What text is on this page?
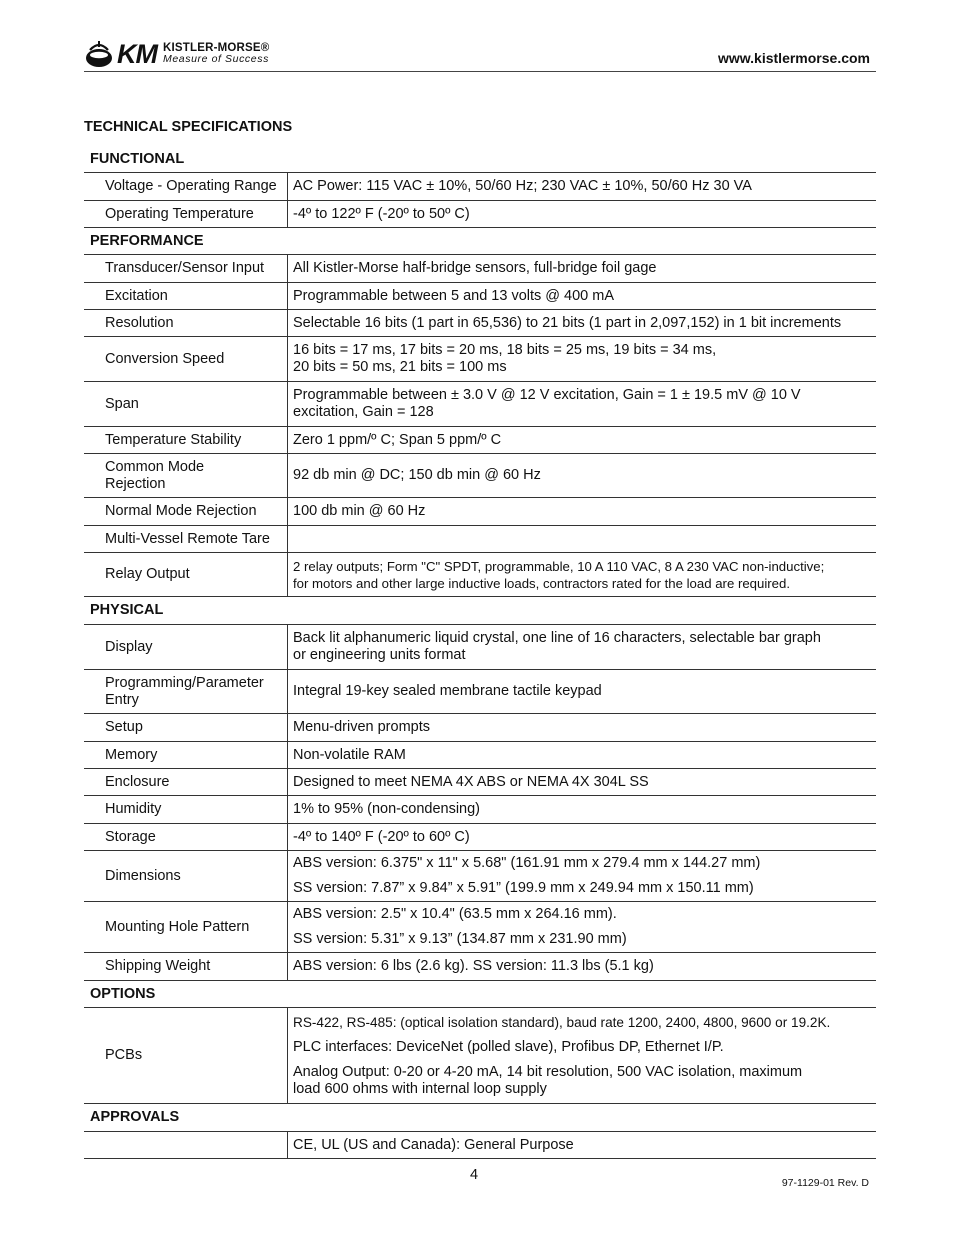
KM KISTLER-MORSE®
Measure of Success	www.kistlermorse.com
TECHNICAL SPECIFICATIONS
FUNCTIONAL	
Voltage - Operating Range	AC Power: 115 VAC ± 10%, 50/60 Hz; 230 VAC ± 10%, 50/60 Hz 30 VA
Operating Temperature	-4º to 122º F (-20º to 50º C)
PERFORMANCE	
Transducer/Sensor Input	All Kistler-Morse half-bridge sensors, full-bridge foil gage
Excitation	Programmable between 5 and 13 volts @ 400 mA
Resolution	Selectable 16 bits (1 part in 65,536) to 21 bits (1 part in 2,097,152) in 1 bit increments
Conversion Speed	16 bits = 17 ms, 17 bits = 20 ms, 18 bits = 25 ms, 19 bits = 34 ms,
20 bits = 50 ms, 21 bits = 100 ms

Span	Programmable between ± 3.0 V @ 12 V excitation, Gain = 1 ± 19.5 mV @ 10 V
excitation, Gain = 128

Temperature Stability	Zero 1 ppm/º C; Span 5 ppm/º C

Common Mode
Rejection	92 db min @ DC; 150 db min @ 60 Hz
Normal Mode Rejection	100 db min @ 60 Hz
Multi-Vessel Remote Tare	
Relay Output	2 relay outputs; Form "C" SPDT, programmable, 10 A 110 VAC, 8 A 230 VAC non-inductive;
for motors and other large inductive loads, contractors rated for the load are required.

PHYSICAL	
Display	Back lit alphanumeric liquid crystal, one line of 16 characters, selectable bar graph
or engineering units format

Programming/Parameter
Entry	Integral 19-key sealed membrane tactile keypad
Setup	Menu-driven prompts
Memory	Non-volatile RAM
Enclosure	Designed to meet NEMA 4X ABS or NEMA 4X 304L SS
Humidity	1% to 95% (non-condensing)
Storage	-4º to 140º F (-20º to 60º C)
Dimensions	ABS version: 6.375" x 11" x 5.68" (161.91 mm x 279.4 mm x 144.27 mm)
SS version: 7.87” x 9.84” x 5.91” (199.9 mm x 249.94 mm x 150.11 mm)

Mounting Hole Pattern	ABS version: 2.5" x 10.4" (63.5 mm x 264.16 mm).
SS version: 5.31” x 9.13” (134.87 mm x 231.90 mm)

Shipping Weight	ABS version: 6 lbs (2.6 kg). SS version: 11.3 lbs (5.1 kg)
OPTIONS	
PCBs	RS-422, RS-485: (optical isolation standard), baud rate 1200, 2400, 4800, 9600 or 19.2K.
PLC interfaces: DeviceNet (polled slave), Profibus DP, Ethernet I/P.
Analog Output: 0-20 or 4-20 mA, 14 bit resolution, 500 VAC isolation, maximum
load 600 ohms with internal loop supply

APPROVALS	
	CE, UL (US and Canada): General Purpose
4	97-1129-01 Rev. D
